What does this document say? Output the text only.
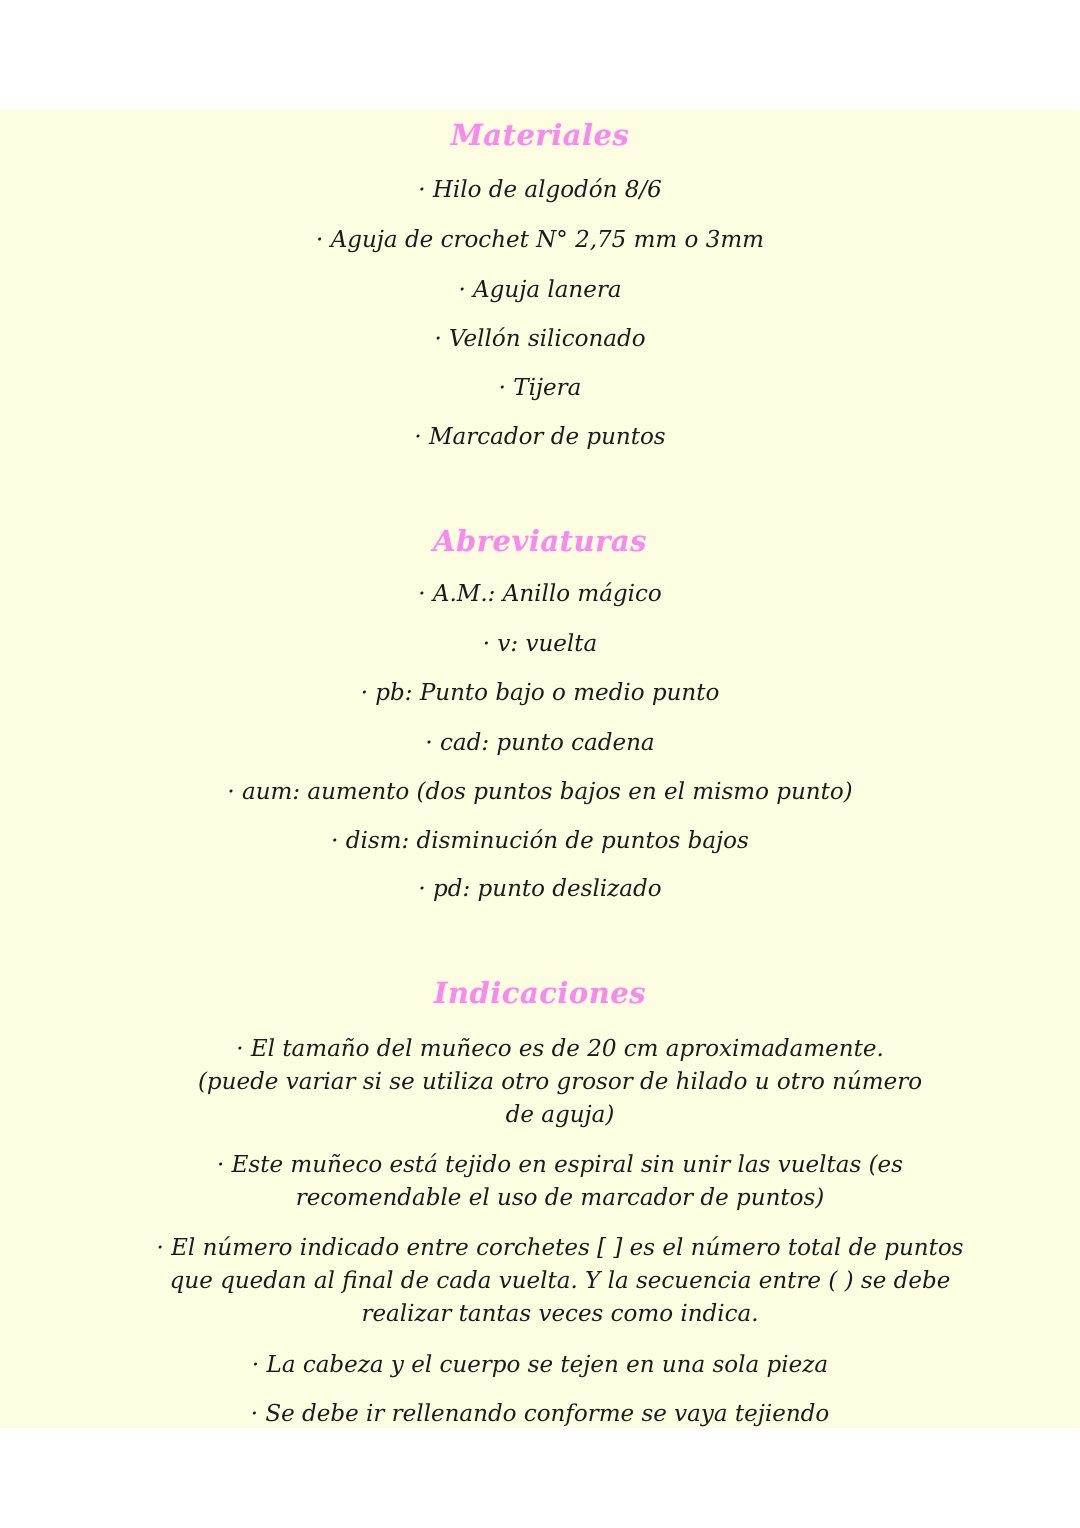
Materiales
· Hilo de algodón 8/6
· Aguja de crochet N° 2,75 mm o 3mm
· Aguja lanera
· Vellón siliconado
· Tijera
· Marcador de puntos
Abreviaturas
· A.M.: Anillo mágico
· v: vuelta
· pb: Punto bajo o medio punto
· cad: punto cadena
· aum: aumento (dos puntos bajos en el mismo punto)
· dism: disminución de puntos bajos
· pd: punto deslizado
Indicaciones
· El tamaño del muñeco es de 20 cm aproximadamente. (puede variar si se utiliza otro grosor de hilado u otro número de aguja)
· Este muñeco está tejido en espiral sin unir las vueltas (es recomendable el uso de marcador de puntos)
· El número indicado entre corchetes [ ] es el número total de puntos que quedan al final de cada vuelta. Y la secuencia entre ( ) se debe realizar tantas veces como indica.
· La cabeza y el cuerpo se tejen en una sola pieza
· Se debe ir rellenando conforme se vaya tejiendo
